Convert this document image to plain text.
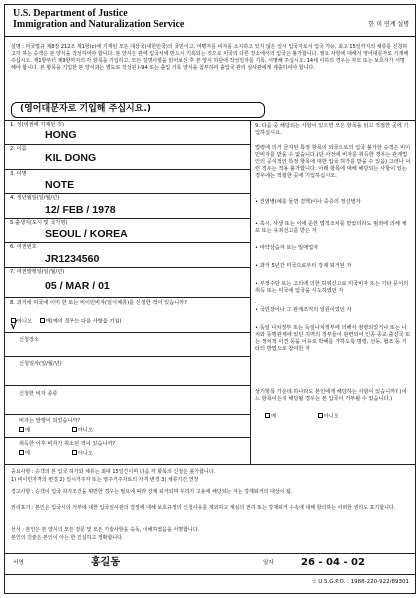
U.S. Department of Justice
Immigration and Naturalization Service	한 미 연계 설명
설명 : 미국법규 제8장 212조 제1항(c)에 기재된 모든 대상국(대한민국)의 국민이고, 여행자를 비자를 소지하고 있지 않은 일시 입국자로서 입국 가능, 최고 15일까지의 체류를 신청하고자 하는 승객은 본 양식을 작성하여야 합니다. 본 양식은 관에 입국서에 반드시 기록되는 것으로 미국의 다른 장소에서의 입국은 불가합니다. 필요 사항에 대해서 영어대문자로 기재해 주십시오. 제1항부터 제9항까지의 각 항목을 기입하고, 모든 설명사항을 읽어보신 후 본 양식 하단에 작성일자를 기록, 서명해 주십시오. 14세 이하의 경우는 부모 또는 보호자가 서명해야 합니다. 본 항목을 기입한 본 양식과는 별도로 작성된 I-94 또는 출입 기록 양식을 첨부하여 출입국 관리 심사관에게 제출하여야 합니다.
(영어대문자로 기입해 주십시요.)
1. 성(여권에 기재된 것)
HONG
2. 이름
KIL DONG
3. 이명
NOTE
4. 생년월일(일/월/년)
12/ FEB / 1978
5.출생지(도시 및 국가명)
SEOUL / KOREA
6. 여권번호
JR1234560
7. 여권발행일(일/월/년)
05 / MAR / 01
8. 과거에 미국에 이미 한 또는 비이민비자(일시체류)를 신청한 적이 있습니까?
아니오	예(예의 경우는 다음 사항을 기입)
√
신청장소
신청일자(일/월/년)
신청한 비자 종류
비자는 발행이 되었습니까?
예	아니오
취득한 이후 비자가 취소된 적이 있습니까?
예	아니오
9. 다음 중 해당되는 사항이 있으면 모든 항목을 읽고 적절한 곳에 기입하십시요.
법령에 의거 금지된 특정 항목의 외국으로의 입국 불가한 승객은 비이민비자를 받을 수 없습니다.(단 사전에 비자를 취득한 경우는 관계법인의 공식적인 특정 항목에 대한 입국 허가를 받을 수 있음) 그러나 이런 경우는 적용 불가합니다. 아래 항목에 대해 해당되는 사항이 있는 경우에는 적절한 곳에 기입하십시오.
• 전염병(예를 들면 결핵)이나 중증의 정신병자
• 혹시, 사생 또는 이에 준한 법적조치를 받았더라도 범죄에 의해 체포 또는 유죄선고를 받은 자
• 마약상습자 또는 밀매업자
• 과거 5년간 미국으로부터 강제 퇴거된 자
• 부정수단 또는 고의에 의한 허위신고로 미국비자 또는 기타 문서의 취득 또는 미국에 입국을 시도하였던 자
• 국민장이나 그 관계조직의 일원이었던 자
• 독일 나치정부 또는 독일나치정부에 의해서 점령되었거나 또는 나치와 동맹관계에 있던 지역의 정부들이 관련되어 인종·종교·출신국 또는 정치적 이견 등을 이유로 박해를 가하도록 명령, 선동, 협조 등 기타의 방법으로 참여한 자
상기항목 가운데 하나라도 본인에게 해당하는 사항이 있습니까? (어느 항목이든지 해당될 경우는 본 입국이 거부될 수 있습니다.)
예	아니오
중요사항 : 승객의 본 입국 허가와 체류는 최대 15일간이며 다음 각 항목의 신청은 불가합니다.
1) 비이민자격의 변경 2) 일시거주자 또는 영주거주자로의 자격 변경 3) 체류기간 연장
경고사항 : 승객이 입국 허가조건을 위반한 경우는 필요에 따라 강제 퇴거되며 우리가 고용에 해당되는 자는 강제퇴거의 대상이 됨.
권리포기 : 본인은 입국시의 거부에 대한 입국심사관의 결정에 대해 보호규정의 신청사유를 제외하고 재심의 권리 또는 강제퇴거 수속에 대해 항의하는 어떠한 권리도 포기합니다.
선서 : 본인은 본 양식의 모든 질문 및 모든 기술사항을 숙독, 이해하였음을 서명합니다.
본인의 진술은 본인이 아는 한 진실하고 정확합니다.
서명	홍길동	일자	26 - 04 - 02
☆ U.S.G.P.O. : 1988-220-922/89301
